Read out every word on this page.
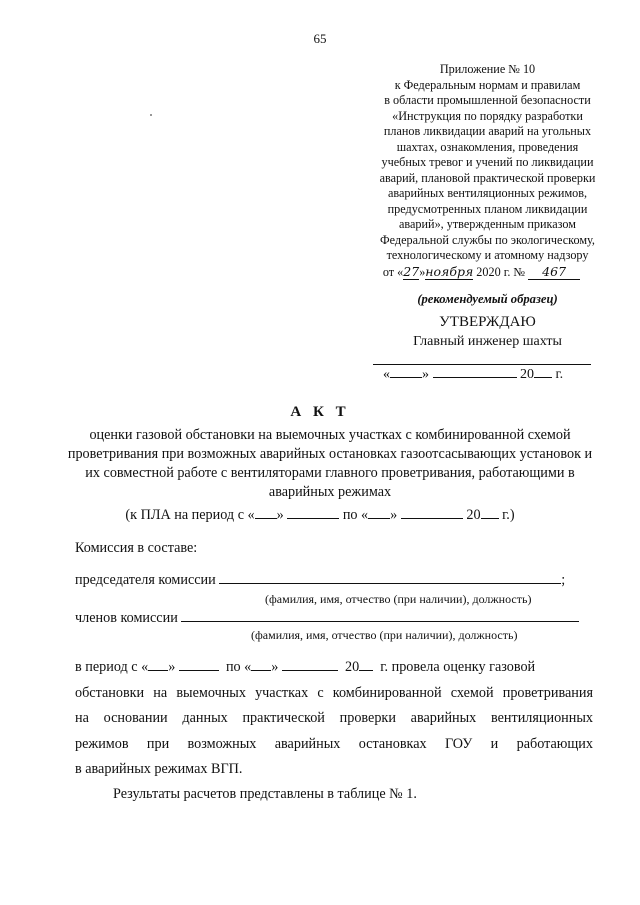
65
Приложение № 10
к Федеральным нормам и правилам
в области промышленной безопасности
«Инструкция по порядку разработки
планов ликвидации аварий на угольных
шахтах, ознакомления, проведения
учебных тревог и учений по ликвидации
аварий, плановой практической проверки
аварийных вентиляционных режимов,
предусмотренных планом ликвидации
аварий», утвержденным приказом
Федеральной службы по экологическому,
технологическому и атомному надзору
от «27»ноября 2020 г. № 467
(рекомендуемый образец)
УТВЕРЖДАЮ
Главный инженер шахты
« »	20 г.
А К Т
оценки газовой обстановки на выемочных участках с комбинированной схемой проветривания при возможных аварийных остановках газоотсасывающих установок и их совместной работе с вентиляторами главного проветривания, работающими в аварийных режимах
(к ПЛА на период с « »	по « »	20 г.)
Комиссия в составе:
председателя комиссии	;
(фамилия, имя, отчество (при наличии), должность)
членов комиссии
(фамилия, имя, отчество (при наличии), должность)
в период с « »	по « »	20 г. провела оценку газовой
обстановки на выемочных участках с комбинированной схемой проветривания
на основании данных практической проверки аварийных вентиляционных
режимов при возможных аварийных остановках ГОУ и работающих
в аварийных режимах ВГП.
Результаты расчетов представлены в таблице № 1.
